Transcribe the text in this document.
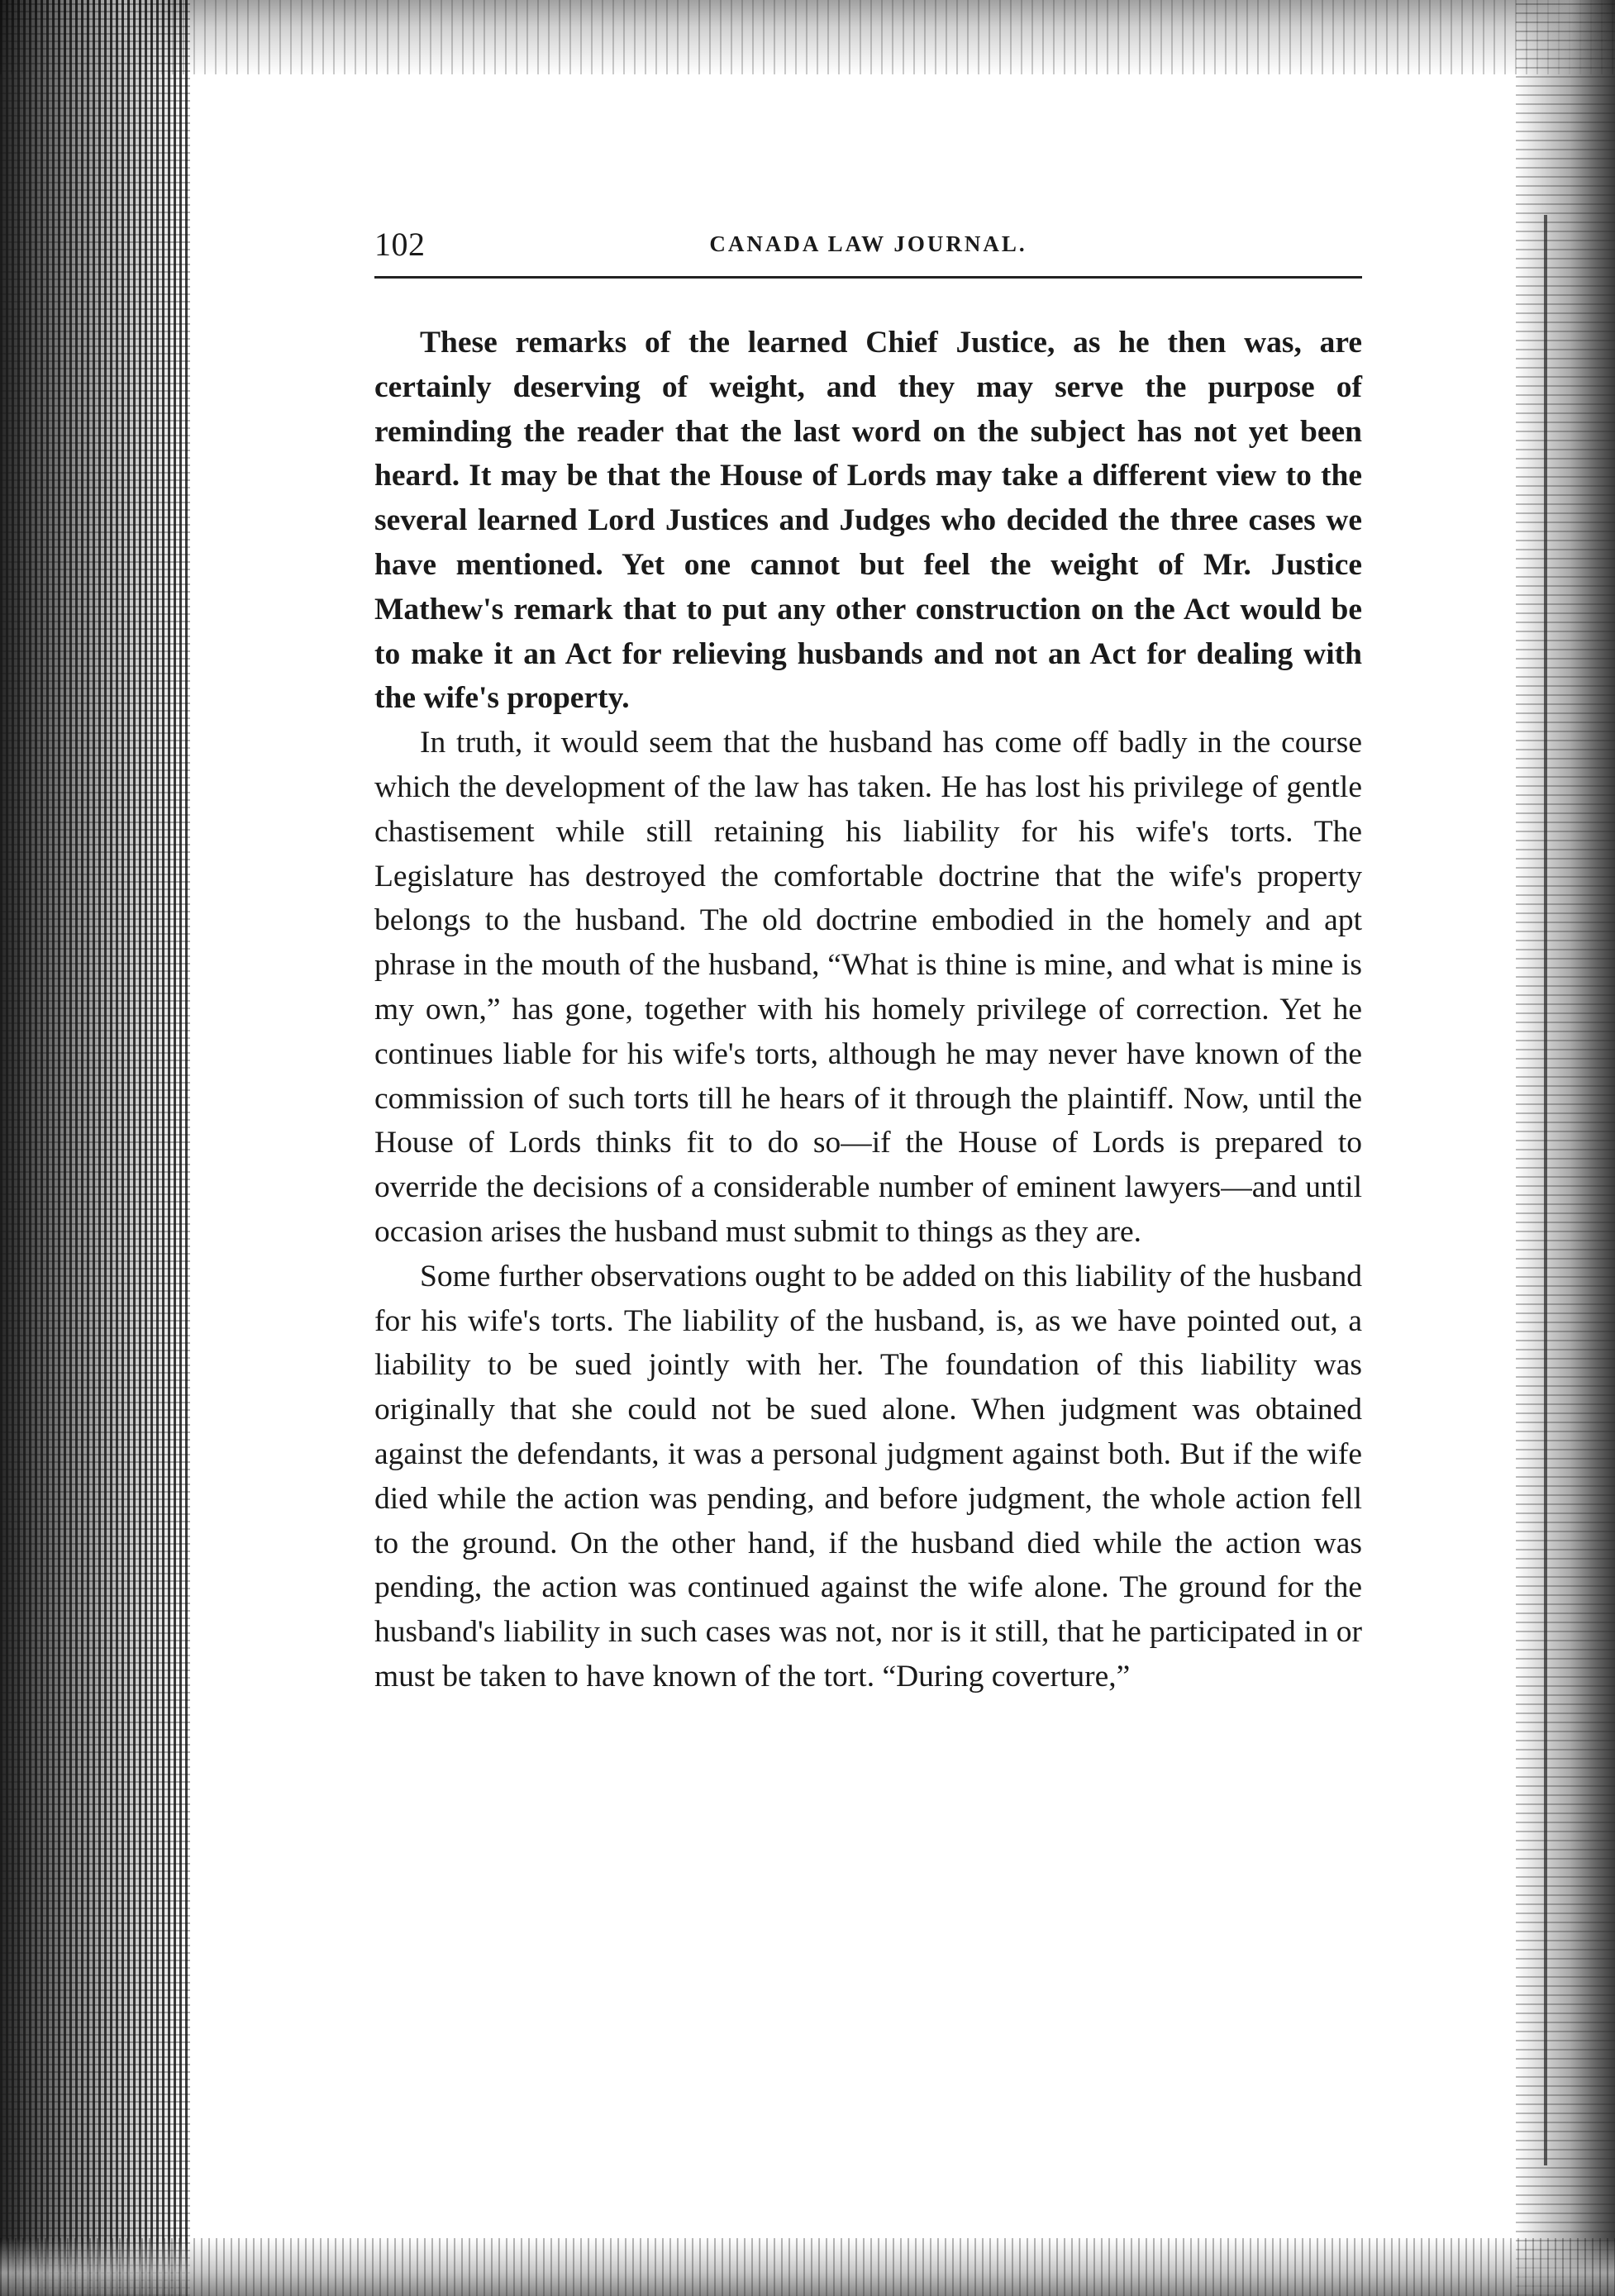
102	CANADA LAW JOURNAL.

These remarks of the learned Chief Justice, as he then was, are certainly deserving of weight, and they may serve the purpose of reminding the reader that the last word on the subject has not yet been heard. It may be that the House of Lords may take a different view to the several learned Lord Justices and Judges who decided the three cases we have mentioned. Yet one cannot but feel the weight of Mr. Justice Mathew's remark that to put any other construction on the Act would be to make it an Act for relieving husbands and not an Act for dealing with the wife's property.

In truth, it would seem that the husband has come off badly in the course which the development of the law has taken. He has lost his privilege of gentle chastisement while still retaining his liability for his wife's torts. The Legislature has destroyed the comfortable doctrine that the wife's property belongs to the husband. The old doctrine embodied in the homely and apt phrase in the mouth of the husband, “What is thine is mine, and what is mine is my own,” has gone, together with his homely privilege of correction. Yet he continues liable for his wife's torts, although he may never have known of the commission of such torts till he hears of it through the plaintiff. Now, until the House of Lords thinks fit to do so—if the House of Lords is prepared to override the decisions of a considerable number of eminent lawyers—and until occasion arises the husband must submit to things as they are.

Some further observations ought to be added on this liability of the husband for his wife's torts. The liability of the husband, is, as we have pointed out, a liability to be sued jointly with her. The foundation of this liability was originally that she could not be sued alone. When judgment was obtained against the defendants, it was a personal judgment against both. But if the wife died while the action was pending, and before judgment, the whole action fell to the ground. On the other hand, if the husband died while the action was pending, the action was continued against the wife alone. The ground for the husband's liability in such cases was not, nor is it still, that he participated in or must be taken to have known of the tort. “During coverture,”
